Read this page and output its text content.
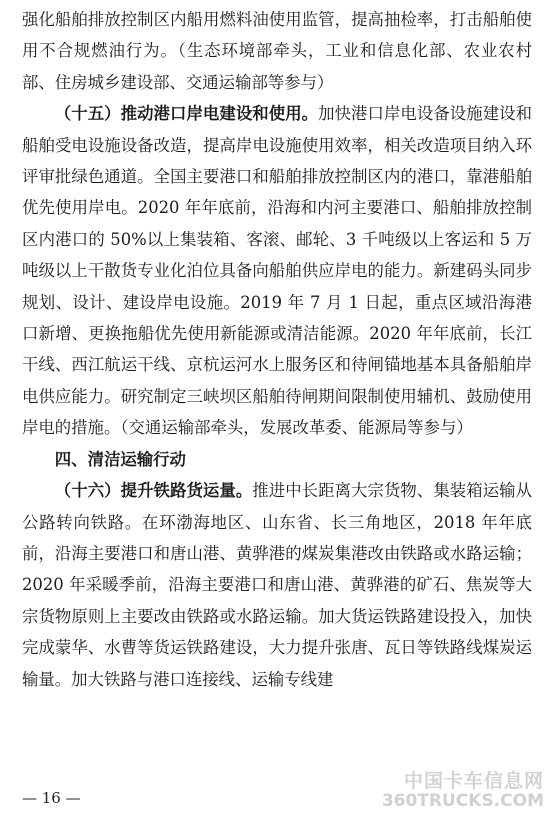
强化船舶排放控制区内船用燃料油使用监管，提高抽检率，打击船舶使用不合规燃油行为。（生态环境部牵头，工业和信息化部、农业农村部、住房城乡建设部、交通运输部等参与）

（十五）推动港口岸电建设和使用。加快港口岸电设备设施建设和船舶受电设施设备改造，提高岸电设施使用效率，相关改造项目纳入环评审批绿色通道。全国主要港口和船舶排放控制区内的港口，靠港船舶优先使用岸电。2020 年年底前，沿海和内河主要港口、船舶排放控制区内港口的 50%以上集装箱、客滚、邮轮、3 千吨级以上客运和 5 万吨级以上干散货专业化泊位具备向船舶供应岸电的能力。新建码头同步规划、设计、建设岸电设施。2019 年 7 月 1 日起，重点区域沿海港口新增、更换拖船优先使用新能源或清洁能源。2020 年年底前，长江干线、西江航运干线、京杭运河水上服务区和待闸锚地基本具备船舶岸电供应能力。研究制定三峡坝区船舶待闸期间限制使用辅机、鼓励使用岸电的措施。（交通运输部牵头，发展改革委、能源局等参与）

四、清洁运输行动

（十六）提升铁路货运量。推进中长距离大宗货物、集装箱运输从公路转向铁路。在环渤海地区、山东省、长三角地区，2018 年年底前，沿海主要港口和唐山港、黄骅港的煤炭集港改由铁路或水路运输；2020 年采暖季前，沿海主要港口和唐山港、黄骅港的矿石、焦炭等大宗货物原则上主要改由铁路或水路运输。加大货运铁路建设投入，加快完成蒙华、水曹等货运铁路建设，大力提升张唐、瓦日等铁路线煤炭运输量。加大铁路与港口连接线、运输专线建

— 16 —
中国卡车信息网
360TRUCKS.COM
